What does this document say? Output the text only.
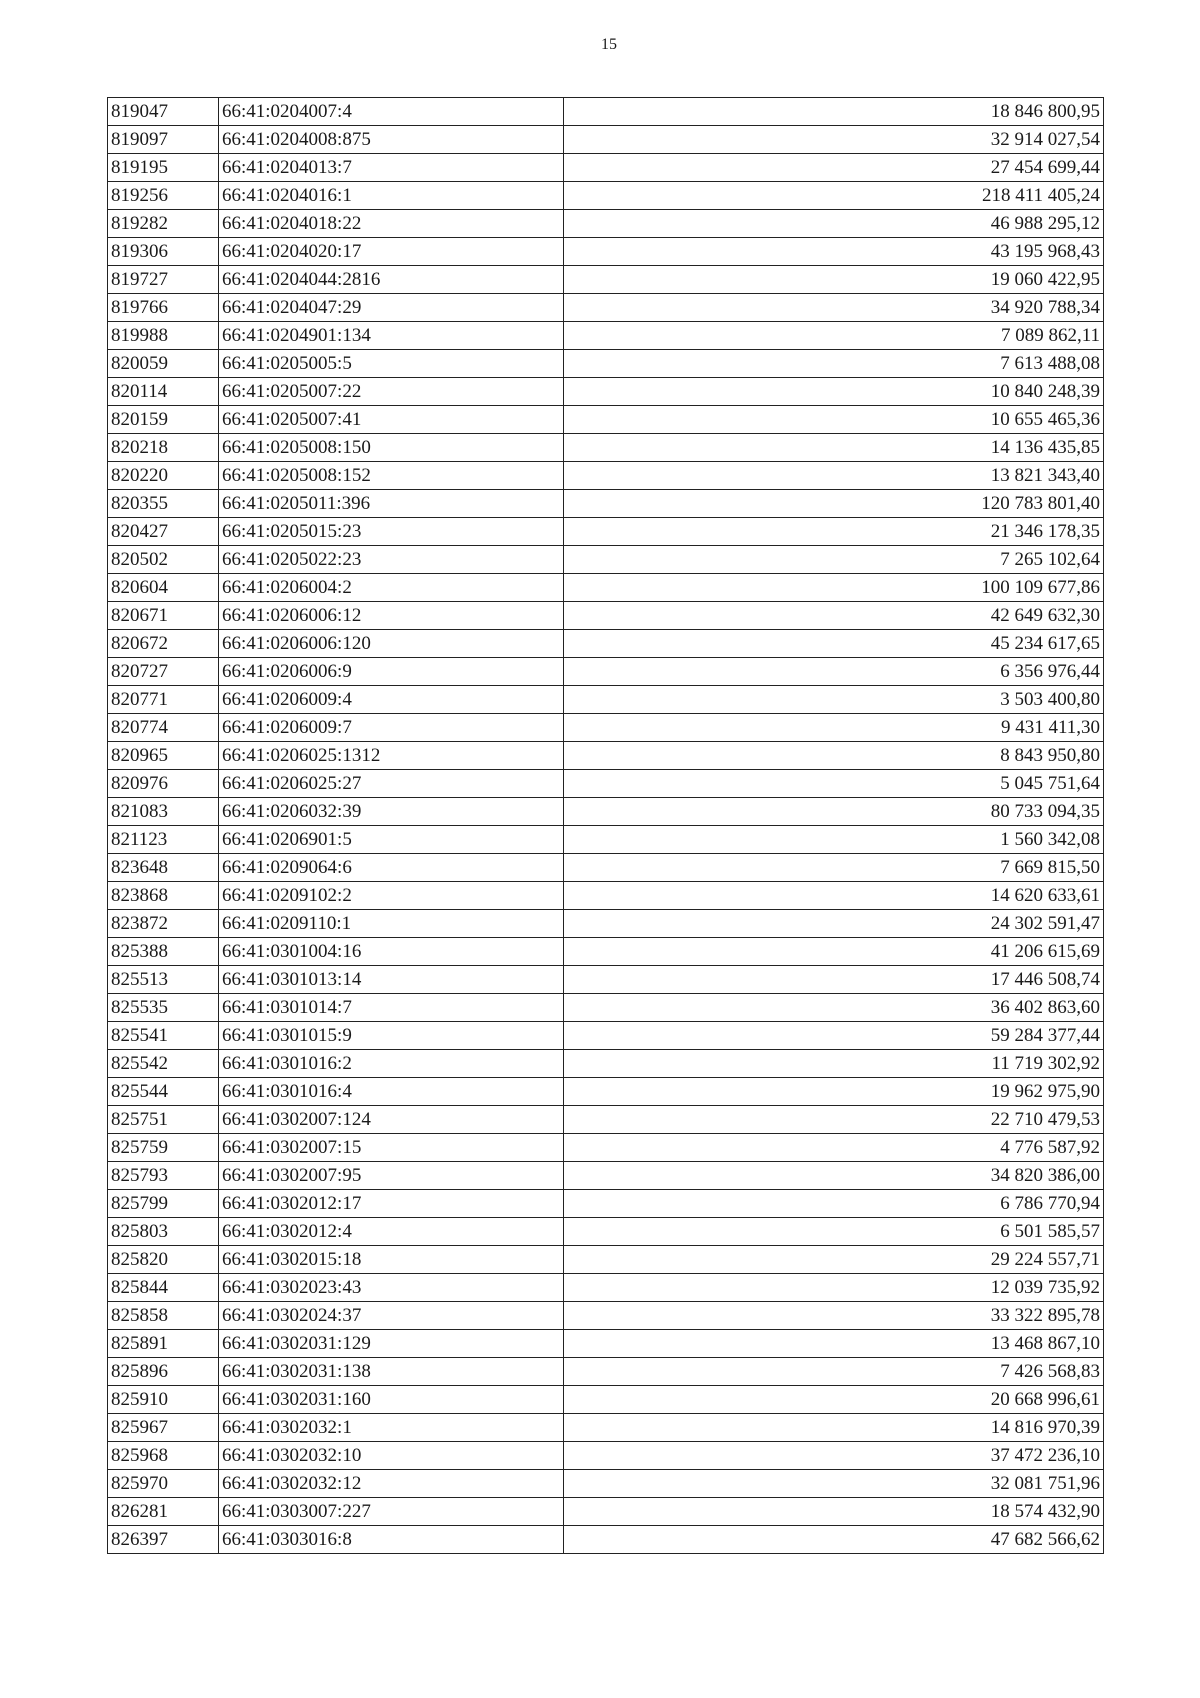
15
819047	66:41:0204007:4	18 846 800,95
819097	66:41:0204008:875	32 914 027,54
819195	66:41:0204013:7	27 454 699,44
819256	66:41:0204016:1	218 411 405,24
819282	66:41:0204018:22	46 988 295,12
819306	66:41:0204020:17	43 195 968,43
819727	66:41:0204044:2816	19 060 422,95
819766	66:41:0204047:29	34 920 788,34
819988	66:41:0204901:134	7 089 862,11
820059	66:41:0205005:5	7 613 488,08
820114	66:41:0205007:22	10 840 248,39
820159	66:41:0205007:41	10 655 465,36
820218	66:41:0205008:150	14 136 435,85
820220	66:41:0205008:152	13 821 343,40
820355	66:41:0205011:396	120 783 801,40
820427	66:41:0205015:23	21 346 178,35
820502	66:41:0205022:23	7 265 102,64
820604	66:41:0206004:2	100 109 677,86
820671	66:41:0206006:12	42 649 632,30
820672	66:41:0206006:120	45 234 617,65
820727	66:41:0206006:9	6 356 976,44
820771	66:41:0206009:4	3 503 400,80
820774	66:41:0206009:7	9 431 411,30
820965	66:41:0206025:1312	8 843 950,80
820976	66:41:0206025:27	5 045 751,64
821083	66:41:0206032:39	80 733 094,35
821123	66:41:0206901:5	1 560 342,08
823648	66:41:0209064:6	7 669 815,50
823868	66:41:0209102:2	14 620 633,61
823872	66:41:0209110:1	24 302 591,47
825388	66:41:0301004:16	41 206 615,69
825513	66:41:0301013:14	17 446 508,74
825535	66:41:0301014:7	36 402 863,60
825541	66:41:0301015:9	59 284 377,44
825542	66:41:0301016:2	11 719 302,92
825544	66:41:0301016:4	19 962 975,90
825751	66:41:0302007:124	22 710 479,53
825759	66:41:0302007:15	4 776 587,92
825793	66:41:0302007:95	34 820 386,00
825799	66:41:0302012:17	6 786 770,94
825803	66:41:0302012:4	6 501 585,57
825820	66:41:0302015:18	29 224 557,71
825844	66:41:0302023:43	12 039 735,92
825858	66:41:0302024:37	33 322 895,78
825891	66:41:0302031:129	13 468 867,10
825896	66:41:0302031:138	7 426 568,83
825910	66:41:0302031:160	20 668 996,61
825967	66:41:0302032:1	14 816 970,39
825968	66:41:0302032:10	37 472 236,10
825970	66:41:0302032:12	32 081 751,96
826281	66:41:0303007:227	18 574 432,90
826397	66:41:0303016:8	47 682 566,62
